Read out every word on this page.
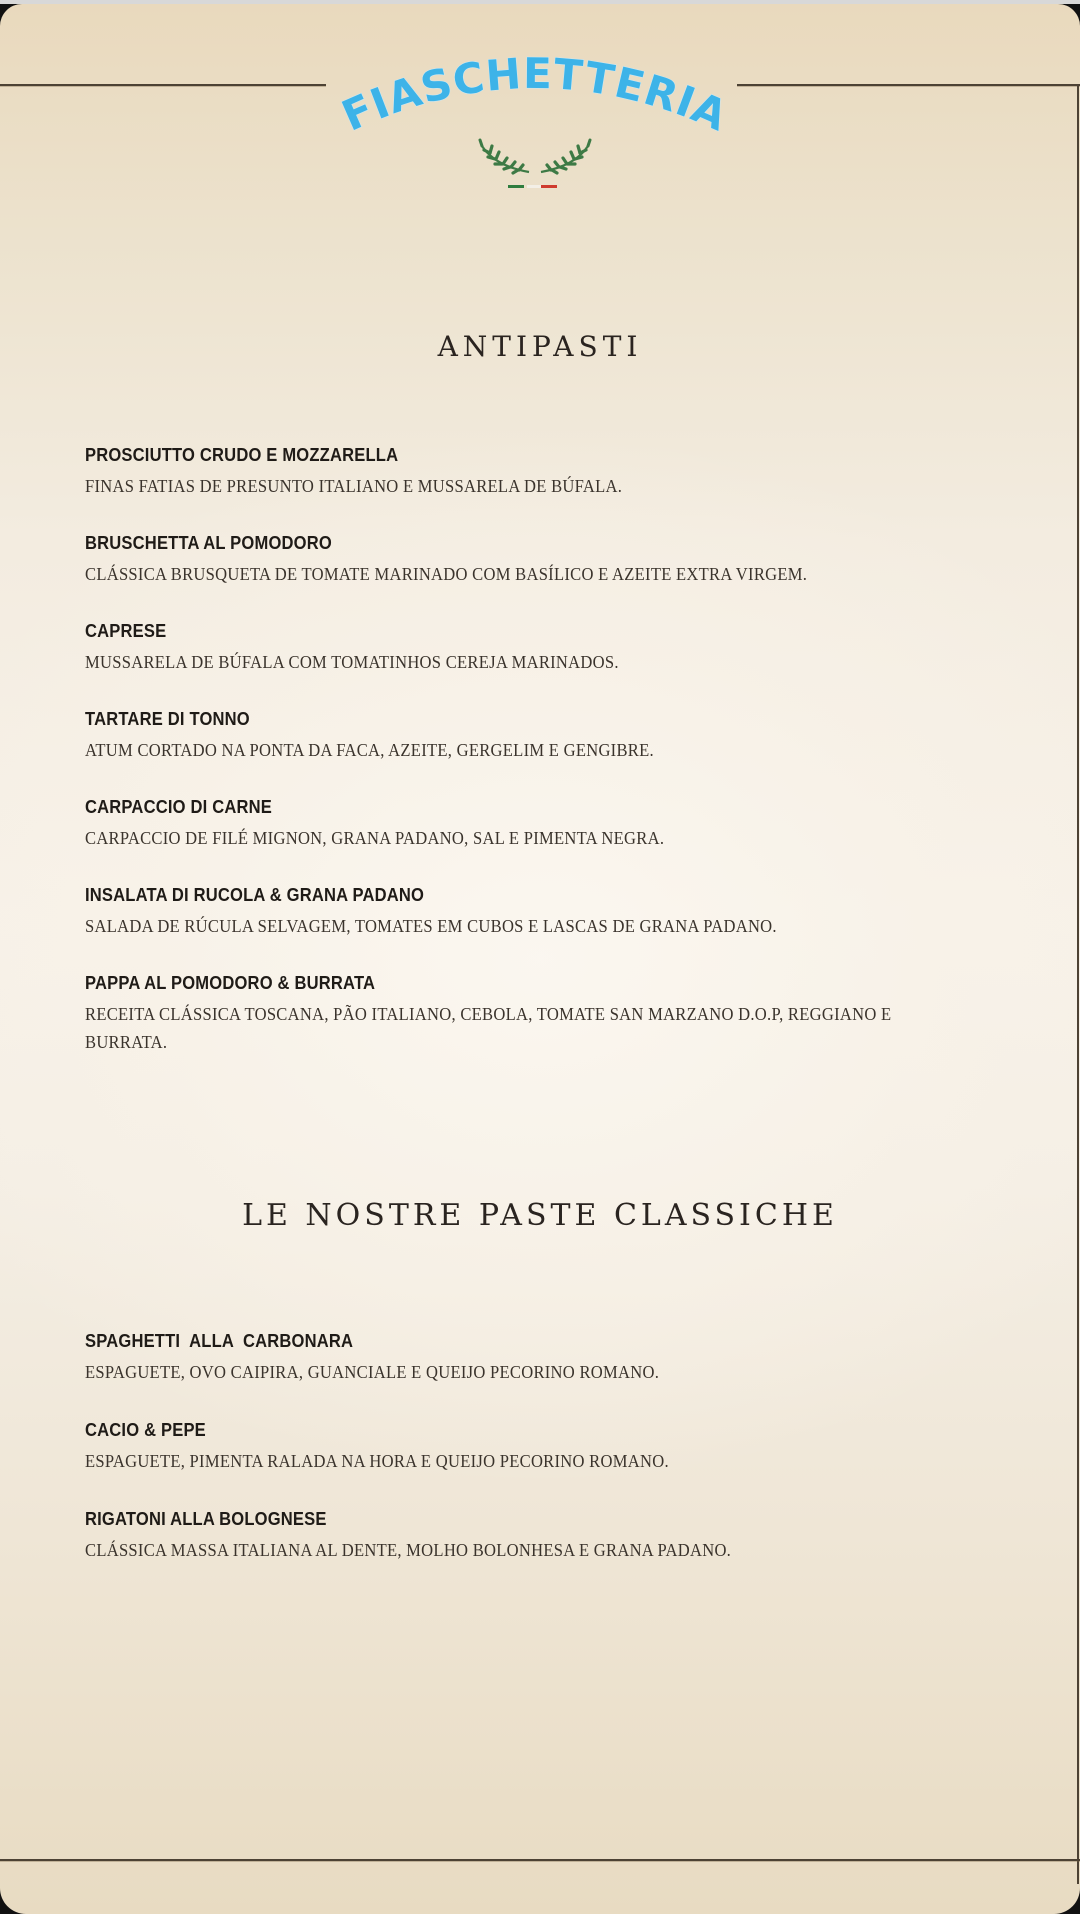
FIASCHETTERIA
ANTIPASTI
PROSCIUTTO CRUDO E MOZZARELLA
FINAS FATIAS DE PRESUNTO ITALIANO E MUSSARELA DE BÚFALA.
BRUSCHETTA AL POMODORO
CLÁSSICA BRUSQUETA DE TOMATE MARINADO COM BASÍLICO E AZEITE EXTRA VIRGEM.
CAPRESE
MUSSARELA DE BÚFALA COM TOMATINHOS CEREJA MARINADOS.
TARTARE DI TONNO
ATUM CORTADO NA PONTA DA FACA, AZEITE, GERGELIM E GENGIBRE.
CARPACCIO DI CARNE
CARPACCIO DE FILÉ MIGNON, GRANA PADANO, SAL E PIMENTA NEGRA.
INSALATA DI RUCOLA & GRANA PADANO
SALADA DE RÚCULA SELVAGEM, TOMATES EM CUBOS E LASCAS DE GRANA PADANO.
PAPPA AL POMODORO & BURRATA
RECEITA CLÁSSICA TOSCANA, PÃO ITALIANO, CEBOLA, TOMATE SAN MARZANO D.O.P, REGGIANO E BURRATA.
LE NOSTRE PASTE CLASSICHE
SPAGHETTI  ALLA  CARBONARA
ESPAGUETE, OVO CAIPIRA, GUANCIALE E QUEIJO PECORINO ROMANO.
CACIO & PEPE
ESPAGUETE, PIMENTA RALADA NA HORA E QUEIJO PECORINO ROMANO.
RIGATONI ALLA BOLOGNESE
CLÁSSICA MASSA ITALIANA AL DENTE, MOLHO BOLONHESA E GRANA PADANO.
